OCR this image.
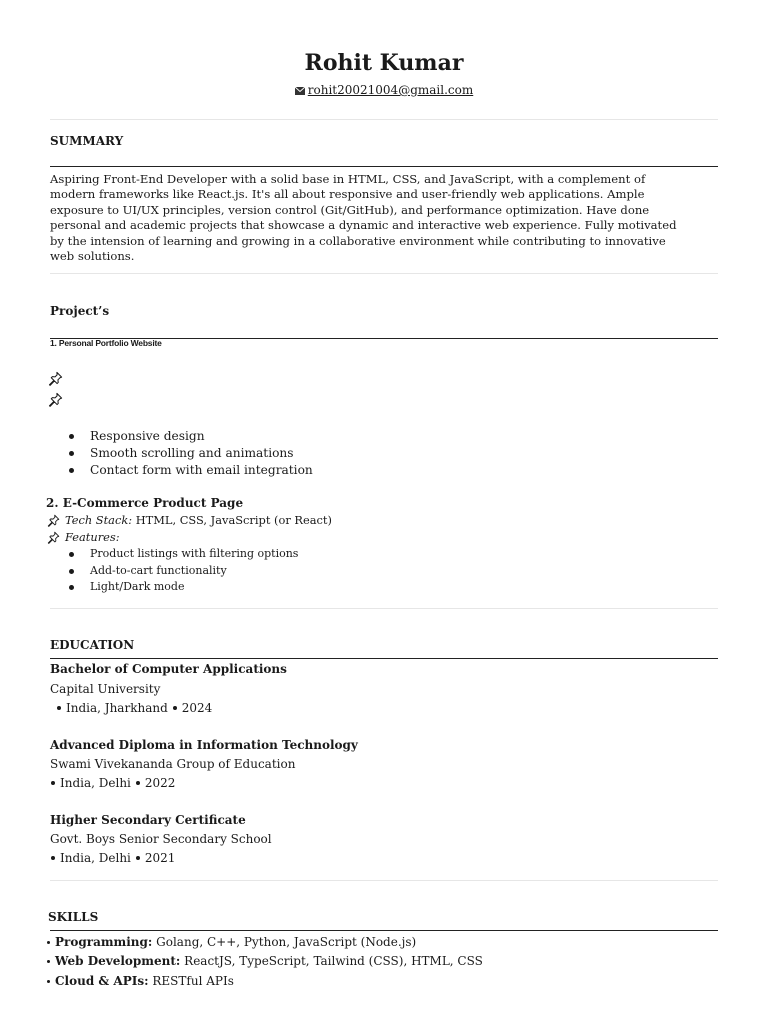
Rohit Kumar
rohit20021004@gmail.com
SUMMARY
Aspiring Front-End Developer with a solid base in HTML, CSS, and JavaScript, with a complement of
modern frameworks like React.js. It's all about responsive and user-friendly web applications. Ample
exposure to UI/UX principles, version control (Git/GitHub), and performance optimization. Have done
personal and academic projects that showcase a dynamic and interactive web experience. Fully motivated
by the intension of learning and growing in a collaborative environment while contributing to innovative
web solutions.
Project’s
1. Personal Portfolio Website
Responsive design
Smooth scrolling and animations
Contact form with email integration
2. E-Commerce Product Page
Tech Stack: HTML, CSS, JavaScript (or React)
Features:
Product listings with filtering options
Add-to-cart functionality
Light/Dark mode
EDUCATION
Bachelor of Computer Applications
Capital University
India, Jharkhand 2024
Advanced Diploma in Information Technology
Swami Vivekananda Group of Education
India, Delhi 2022
Higher Secondary Certificate
Govt. Boys Senior Secondary School
India, Delhi 2021
SKILLS
Programming: Golang, C++, Python, JavaScript (Node.js)
Web Development: ReactJS, TypeScript, Tailwind (CSS), HTML, CSS
Cloud & APIs: RESTful APIs
